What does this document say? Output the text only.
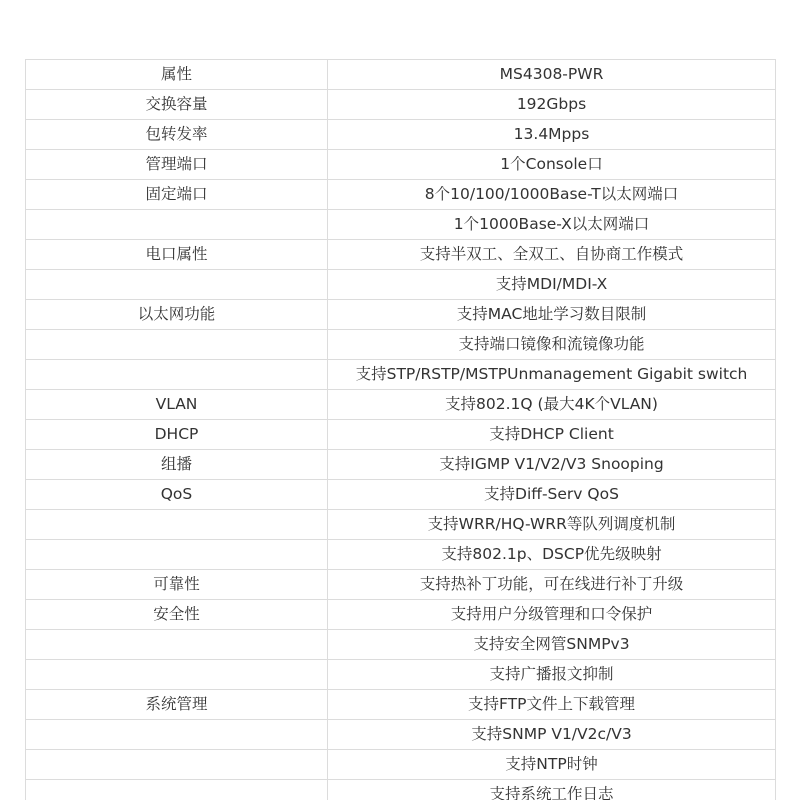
属性	MS4308-PWR
交换容量	192Gbps
包转发率	13.4Mpps
管理端口	1个Console口
固定端口	8个10/100/1000Base-T以太网端口
	1个1000Base-X以太网端口
电口属性	支持半双工、全双工、自协商工作模式
	支持MDI/MDI-X
以太网功能	支持MAC地址学习数目限制
	支持端口镜像和流镜像功能
	支持STP/RSTP/MSTPUnmanagement Gigabit switch
VLAN	支持802.1Q (最大4K个VLAN)
DHCP	支持DHCP Client
组播	支持IGMP V1/V2/V3 Snooping
QoS	支持Diff-Serv QoS
	支持WRR/HQ-WRR等队列调度机制
	支持802.1p、DSCP优先级映射
可靠性	支持热补丁功能，可在线进行补丁升级
安全性	支持用户分级管理和口令保护
	支持安全网管SNMPv3
	支持广播报文抑制
系统管理	支持FTP文件上下载管理
	支持SNMP V1/V2c/V3
	支持NTP时钟
	支持系统工作日志
